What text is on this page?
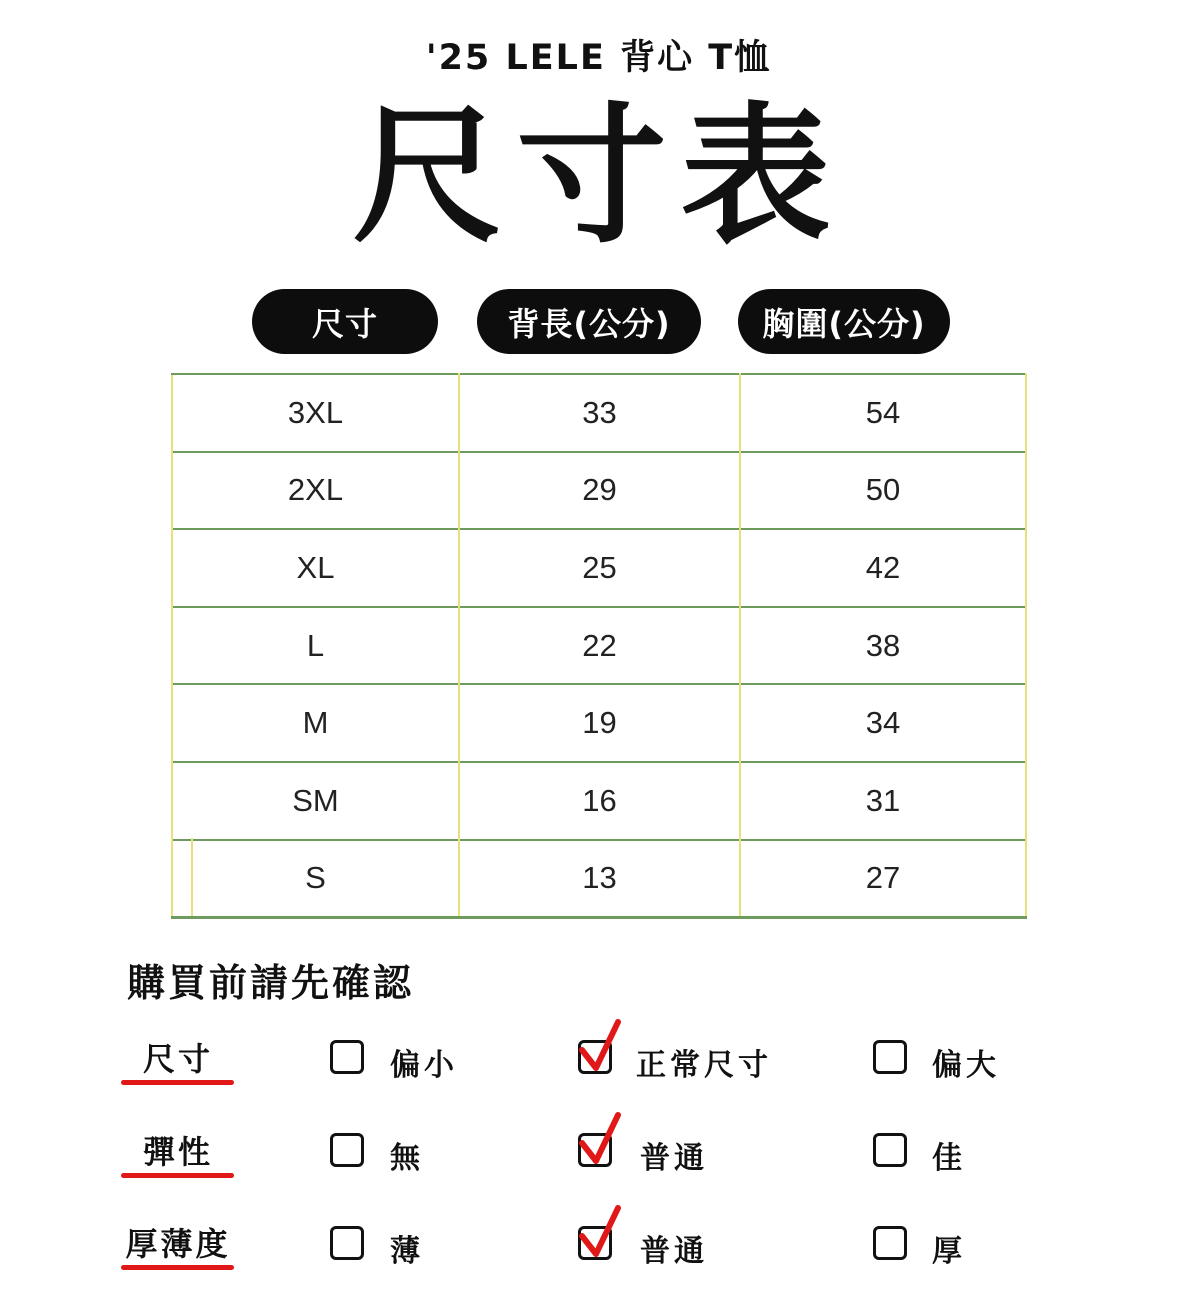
'25 LELE 背心 T恤
尺寸表
尺寸	背長(公分)	胸圍(公分)
3XL	33	54
2XL	29	50
XL	25	42
L	22	38
M	19	34
SM	16	31
S	13	27
購買前請先確認
尺寸	偏小	正常尺寸	偏大
彈性	無	普通	佳
厚薄度	薄	普通	厚
